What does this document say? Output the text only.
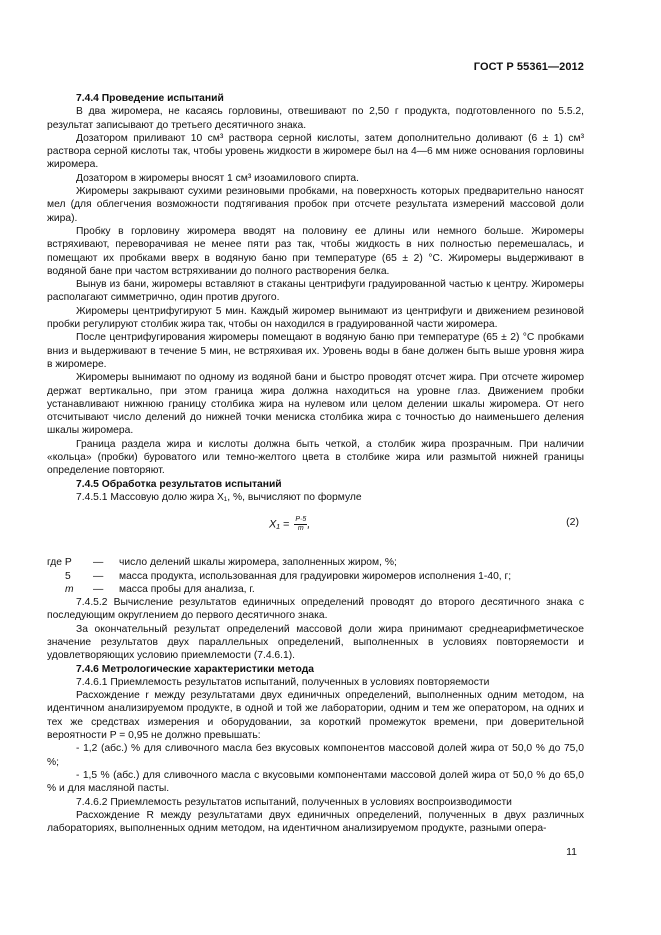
ГОСТ Р 55361—2012

7.4.4 Проведение испытаний

В два жиромера, не касаясь горловины, отвешивают по 2,50 г продукта, подготовленного по 5.5.2, результат записывают до третьего десятичного знака.

Дозатором приливают 10 см³ раствора серной кислоты, затем дополнительно доливают (6 ± 1) см³ раствора серной кислоты так, чтобы уровень жидкости в жиромере был на 4—6 мм ниже основания горловины жиромера.

Дозатором в жиромеры вносят 1 см³ изоамилового спирта.

Жиромеры закрывают сухими резиновыми пробками, на поверхность которых предварительно наносят мел (для облегчения возможности подтягивания пробок при отсчете результата измерений массовой доли жира).

Пробку в горловину жиромера вводят на половину ее длины или немного больше. Жиромеры встряхивают, переворачивая не менее пяти раз так, чтобы жидкость в них полностью перемешалась, и помещают их пробками вверх в водяную баню при температуре (65 ± 2) °С. Жиромеры выдерживают в водяной бане при частом встряхивании до полного растворения белка.

Вынув из бани, жиромеры вставляют в стаканы центрифуги градуированной частью к центру. Жиромеры располагают симметрично, один против другого.

Жиромеры центрифугируют 5 мин. Каждый жиромер вынимают из центрифуги и движением резиновой пробки регулируют столбик жира так, чтобы он находился в градуированной части жиромера.

После центрифугирования жиромеры помещают в водяную баню при температуре (65 ± 2) °С пробками вниз и выдерживают в течение 5 мин, не встряхивая их. Уровень воды в бане должен быть выше уровня жира в жиромере.

Жиромеры вынимают по одному из водяной бани и быстро проводят отсчет жира. При отсчете жиромер держат вертикально, при этом граница жира должна находиться на уровне глаз. Движением пробки устанавливают нижнюю границу столбика жира на нулевом или целом делении шкалы жиромера. От него отсчитывают число делений до нижней точки мениска столбика жира с точностью до наименьшего деления шкалы жиромера.

Граница раздела жира и кислоты должна быть четкой, а столбик жира прозрачным. При наличии «кольца» (пробки) буроватого или темно-желтого цвета в столбике жира или размытой нижней границы определение повторяют.

7.4.5 Обработка результатов испытаний

7.4.5.1 Массовую долю жира Х₁, %, вычисляют по формуле

$X_1 = \frac{P\cdot 5}{m}$ ,	(2)
где P	—	число делений шкалы жиромера, заполненных жиром, %;
5	—	масса продукта, использованная для градуировки жиромеров исполнения 1-40, г;
m	—	масса пробы для анализа, г.

7.4.5.2 Вычисление результатов единичных определений проводят до второго десятичного знака с последующим округлением до первого десятичного знака.

За окончательный результат определений массовой доли жира принимают среднеарифметическое значение результатов двух параллельных определений, выполненных в условиях повторяемости и удовлетворяющих условию приемлемости (7.4.6.1).

7.4.6 Метрологические характеристики метода

7.4.6.1 Приемлемость результатов испытаний, полученных в условиях повторяемости

Расхождение r между результатами двух единичных определений, выполненных одним методом, на идентичном анализируемом продукте, в одной и той же лаборатории, одним и тем же оператором, на одних и тех же средствах измерения и оборудовании, за короткий промежуток времени, при доверительной вероятности P = 0,95 не должно превышать:

- 1,2 (абс.) % для сливочного масла без вкусовых компонентов массовой долей жира от 50,0 % до 75,0 %;

- 1,5 % (абс.) для сливочного масла с вкусовыми компонентами массовой долей жира от 50,0 % до 65,0 % и для масляной пасты.

7.4.6.2 Приемлемость результатов испытаний, полученных в условиях воспроизводимости

Расхождение R между результатами двух единичных определений, полученных в двух различных лабораториях, выполненных одним методом, на идентичном анализируемом продукте, разными опера-

11
